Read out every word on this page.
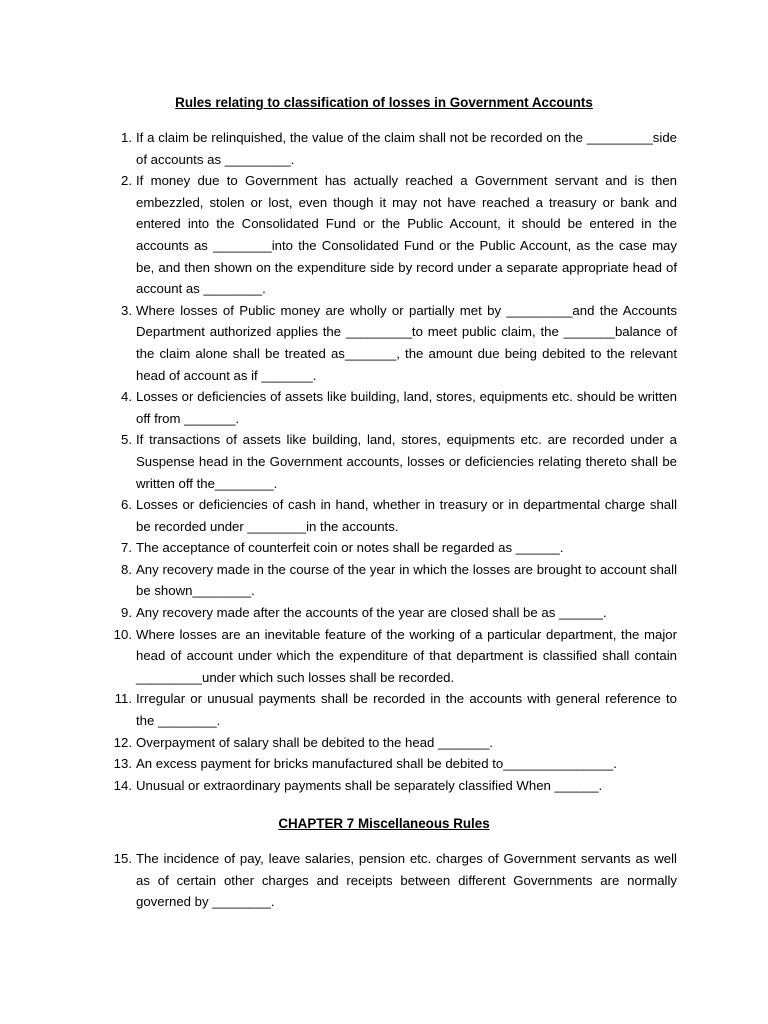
Rules relating to classification of losses in Government Accounts
1. If a claim be relinquished, the value of the claim shall not be recorded on the _________side of accounts as _________.
2. If money due to Government has actually reached a Government servant and is then embezzled, stolen or lost, even though it may not have reached a treasury or bank and entered into the Consolidated Fund or the Public Account, it should be entered in the accounts as ________into the Consolidated Fund or the Public Account, as the case may be, and then shown on the expenditure side by record under a separate appropriate head of account as ________.
3. Where losses of Public money are wholly or partially met by _________and the Accounts Department authorized applies the _________to meet public claim, the _______balance of the claim alone shall be treated as_______, the amount due being debited to the relevant head of account as if _______.
4. Losses or deficiencies of assets like building, land, stores, equipments etc. should be written off from _______.
5. If transactions of assets like building, land, stores, equipments etc. are recorded under a Suspense head in the Government accounts, losses or deficiencies relating thereto shall be written off the________.
6. Losses or deficiencies of cash in hand, whether in treasury or in departmental charge shall be recorded under ________in the accounts.
7. The acceptance of counterfeit coin or notes shall be regarded as ______.
8. Any recovery made in the course of the year in which the losses are brought to account shall be shown________.
9. Any recovery made after the accounts of the year are closed shall be as ______.
10. Where losses are an inevitable feature of the working of a particular department, the major head of account under which the expenditure of that department is classified shall contain _________under which such losses shall be recorded.
11. Irregular or unusual payments shall be recorded in the accounts with general reference to the ________.
12. Overpayment of salary shall be debited to the head _______.
13. An excess payment for bricks manufactured shall be debited to_______________.
14. Unusual or extraordinary payments shall be separately classified When ______.
CHAPTER 7 Miscellaneous Rules
15. The incidence of pay, leave salaries, pension etc. charges of Government servants as well as of certain other charges and receipts between different Governments are normally governed by ________.
